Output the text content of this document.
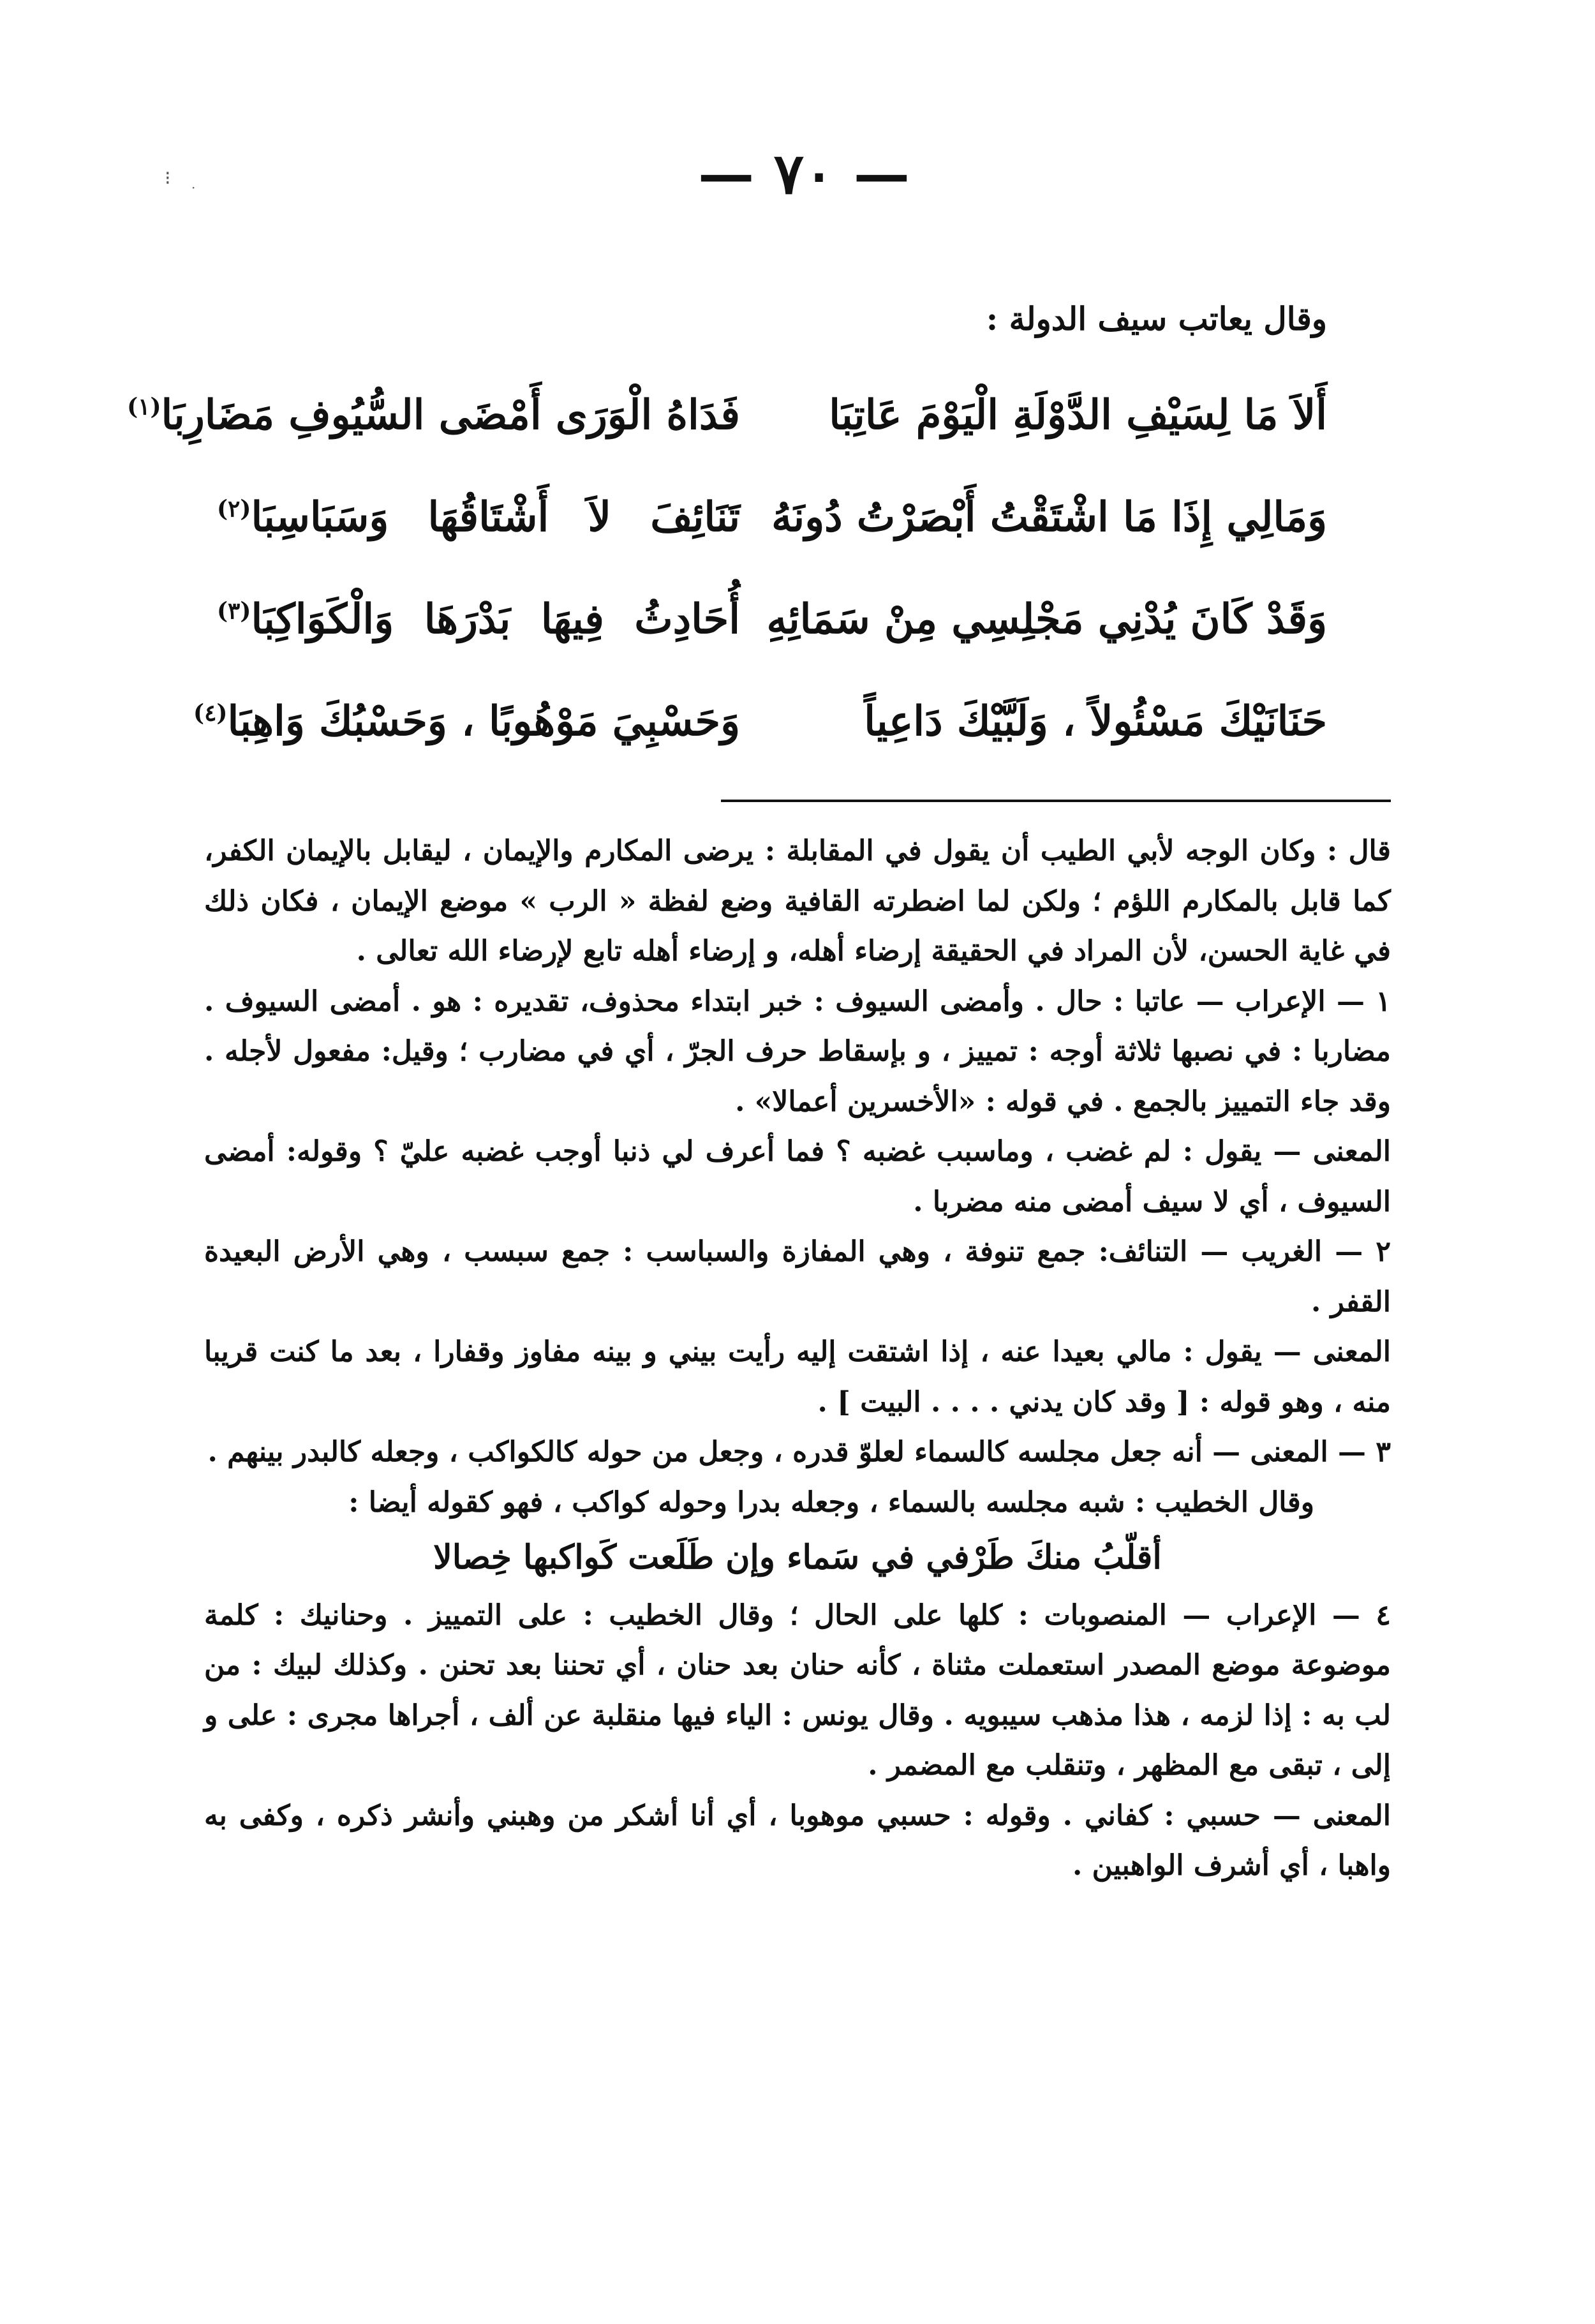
⁝ ·	— ٧٠ —
وقال يعاتب سيف الدولة :
أَلاَ مَا لِسَيْفِ الدَّوْلَةِ الْيَوْمَ عَاتِبَا
فَدَاهُ الْوَرَى أَمْضَى السُّيُوفِ مَضَارِبَا$^{(١)}$
وَمَالِي إِذَا مَا اشْتَقْتُ أَبْصَرْتُ دُونَهُ
تَنَائِفَ لاَ أَشْتَاقُهَا وَسَبَاسِبَا$^{(٢)}$
وَقَدْ كَانَ يُدْنِي مَجْلِسِي مِنْ سَمَائِهِ
أُحَادِثُ فِيهَا بَدْرَهَا وَالْكَوَاكِبَا$^{(٣)}$
حَنَانَيْكَ مَسْئُولاً ، وَلَبَّيْكَ دَاعِياً
وَحَسْبِيَ مَوْهُوبًا ، وَحَسْبُكَ وَاهِبَا$^{(٤)}$

قال : وكان الوجه لأبي الطيب أن يقول في المقابلة : يرضى المكارم والإيمان ، ليقابل بالإيمان الكفر، كما قابل بالمكارم اللؤم ؛ ولكن لما اضطرته القافية وضع لفظة « الرب » موضع الإيمان ، فكان ذلك في غاية الحسن، لأن المراد في الحقيقة إرضاء أهله، و إرضاء أهله تابع لإرضاء الله تعالى .

١ — الإعراب — عاتبا : حال . وأمضى السيوف : خبر ابتداء محذوف، تقديره : هو . أمضى السيوف . مضاربا : في نصبها ثلاثة أوجه : تمييز ، و بإسقاط حرف الجرّ ، أي في مضارب ؛ وقيل: مفعول لأجله . وقد جاء التمييز بالجمع . في قوله : «الأخسرين أعمالا» .

المعنى — يقول : لم غضب ، وماسبب غضبه ؟ فما أعرف لي ذنبا أوجب غضبه عليّ ؟ وقوله: أمضى السيوف ، أي لا سيف أمضى منه مضربا .

٢ — الغريب — التنائف: جمع تنوفة ، وهي المفازة والسباسب : جمع سبسب ، وهي الأرض البعيدة القفر .

المعنى — يقول : مالي بعيدا عنه ، إذا اشتقت إليه رأيت بيني و بينه مفاوز وقفارا ، بعد ما كنت قريبا منه ، وهو قوله : [ وقد كان يدني . . . . البيت ] .

٣ — المعنى — أنه جعل مجلسه كالسماء لعلوّ قدره ، وجعل من حوله كالكواكب ، وجعله كالبدر بينهم .

وقال الخطيب : شبه مجلسه بالسماء ، وجعله بدرا وحوله كواكب ، فهو كقوله أيضا :

أقلّبُ منكَ طَرْفي في سَماء وإن طَلَعت كَواكبها خِصالا

٤ — الإعراب — المنصوبات : كلها على الحال ؛ وقال الخطيب : على التمييز . وحنانيك : كلمة موضوعة موضع المصدر استعملت مثناة ، كأنه حنان بعد حنان ، أي تحننا بعد تحنن . وكذلك لبيك : من لب به : إذا لزمه ، هذا مذهب سيبويه . وقال يونس : الياء فيها منقلبة عن ألف ، أجراها مجرى : على و إلى ، تبقى مع المظهر ، وتنقلب مع المضمر .

المعنى — حسبي : كفاني . وقوله : حسبي موهوبا ، أي أنا أشكر من وهبني وأنشر ذكره ، وكفى به واهبا ، أي أشرف الواهبين .
